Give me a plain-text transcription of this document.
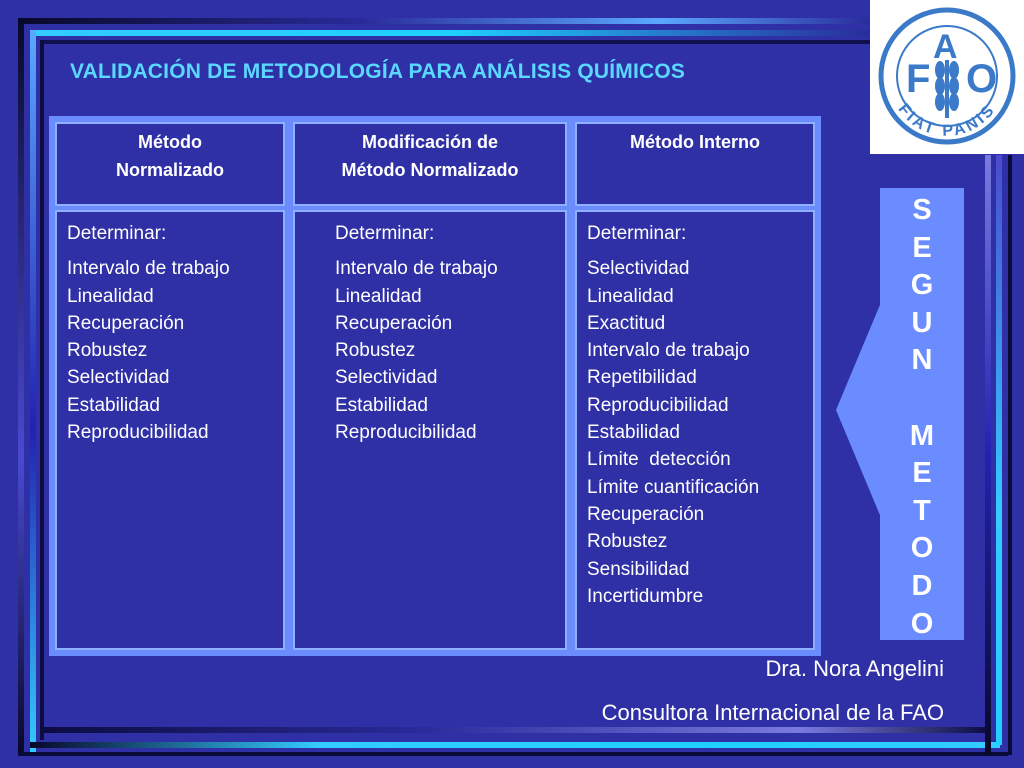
VALIDACIÓN DE METODOLOGÍA PARA ANÁLISIS QUÍMICOS	F
A
O
FIAT PANIS
Método
Normalizado
Determinar:
Intervalo de trabajo
Linealidad
Recuperación
Robustez
Selectividad
Estabilidad
Reproducibilidad
Modificación de
Método Normalizado
Determinar:
Intervalo de trabajo
Linealidad
Recuperación
Robustez
Selectividad
Estabilidad
Reproducibilidad
Método Interno
Determinar:
Selectividad
Linealidad
Exactitud
Intervalo de trabajo
Repetibilidad
Reproducibilidad
Estabilidad
Límite  detección
Límite cuantificación
Recuperación
Robustez
Sensibilidad
Incertidumbre
S
E
G
U
N
M
E
T
O
D
O
Dra. Nora Angelini
Consultora Internacional de la FAO
